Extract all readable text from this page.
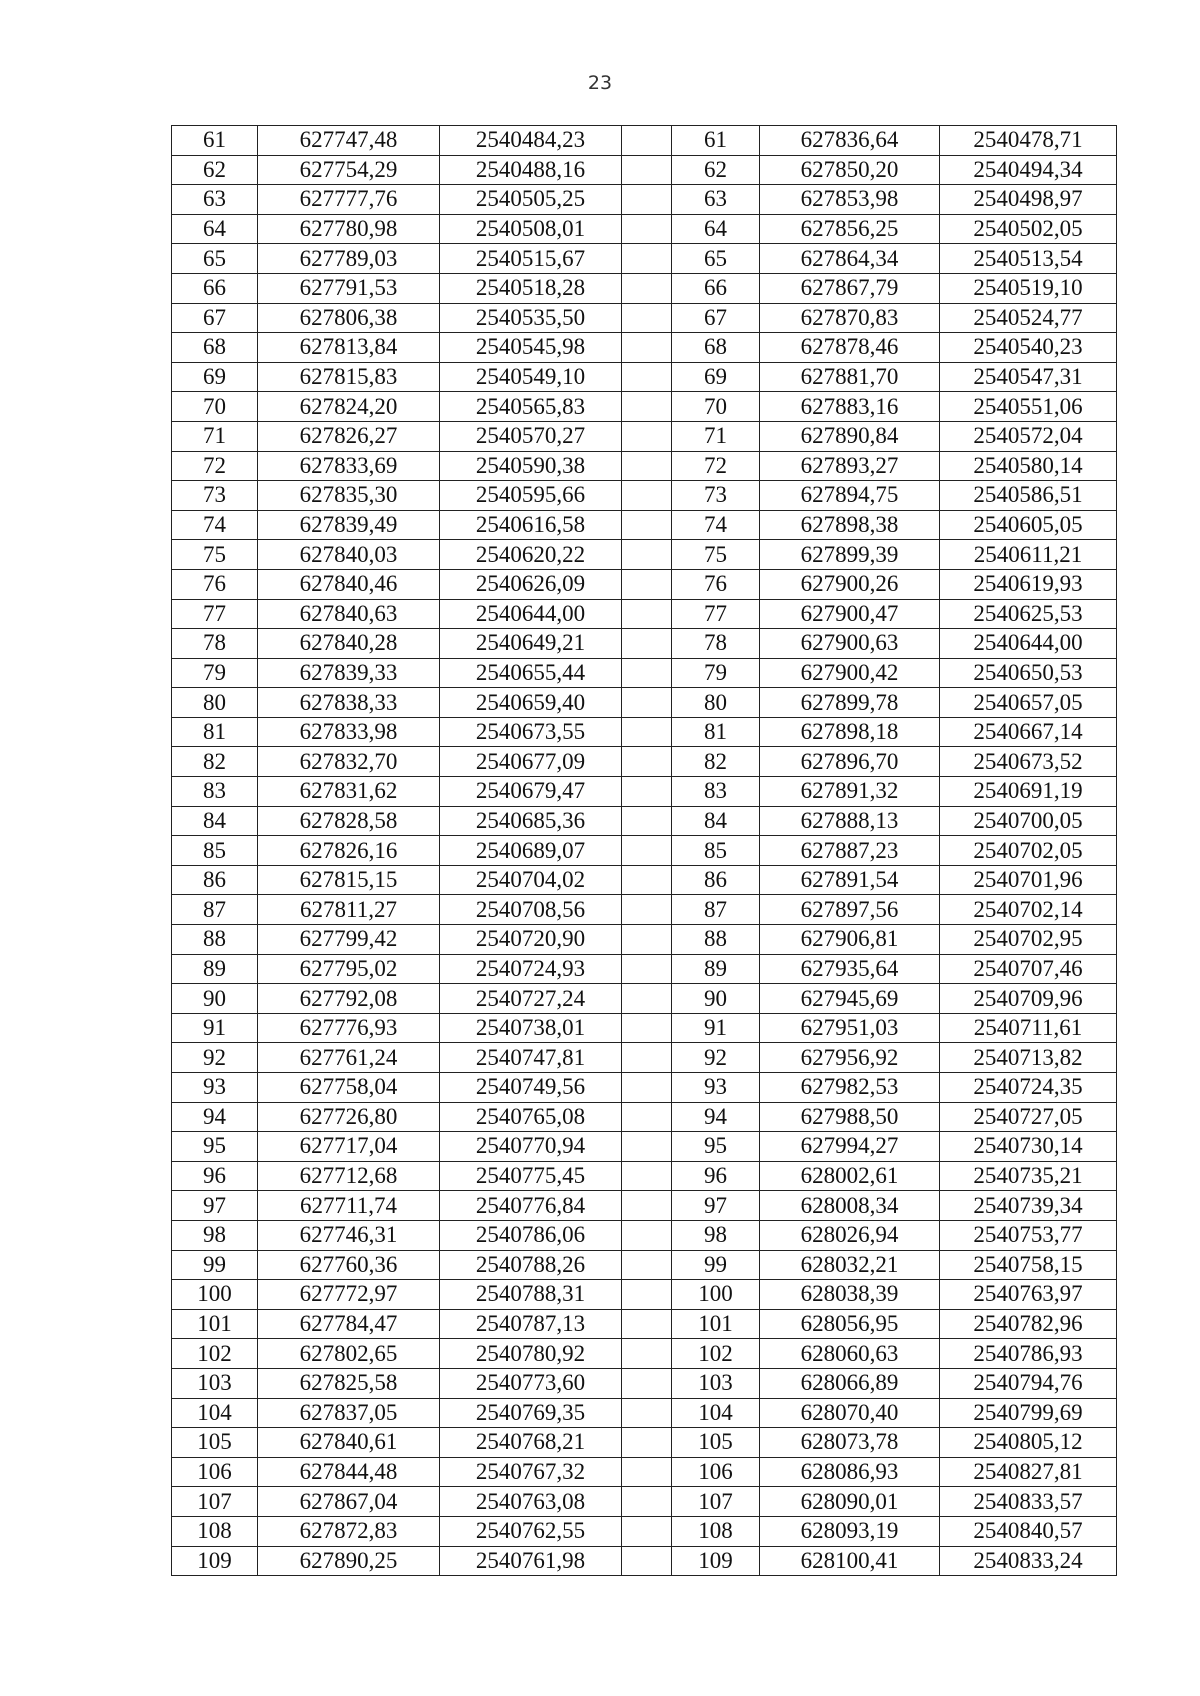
23
61	627747,48	2540484,23		61	627836,64	2540478,71
62	627754,29	2540488,16		62	627850,20	2540494,34
63	627777,76	2540505,25		63	627853,98	2540498,97
64	627780,98	2540508,01		64	627856,25	2540502,05
65	627789,03	2540515,67		65	627864,34	2540513,54
66	627791,53	2540518,28		66	627867,79	2540519,10
67	627806,38	2540535,50		67	627870,83	2540524,77
68	627813,84	2540545,98		68	627878,46	2540540,23
69	627815,83	2540549,10		69	627881,70	2540547,31
70	627824,20	2540565,83		70	627883,16	2540551,06
71	627826,27	2540570,27		71	627890,84	2540572,04
72	627833,69	2540590,38		72	627893,27	2540580,14
73	627835,30	2540595,66		73	627894,75	2540586,51
74	627839,49	2540616,58		74	627898,38	2540605,05
75	627840,03	2540620,22		75	627899,39	2540611,21
76	627840,46	2540626,09		76	627900,26	2540619,93
77	627840,63	2540644,00		77	627900,47	2540625,53
78	627840,28	2540649,21		78	627900,63	2540644,00
79	627839,33	2540655,44		79	627900,42	2540650,53
80	627838,33	2540659,40		80	627899,78	2540657,05
81	627833,98	2540673,55		81	627898,18	2540667,14
82	627832,70	2540677,09		82	627896,70	2540673,52
83	627831,62	2540679,47		83	627891,32	2540691,19
84	627828,58	2540685,36		84	627888,13	2540700,05
85	627826,16	2540689,07		85	627887,23	2540702,05
86	627815,15	2540704,02		86	627891,54	2540701,96
87	627811,27	2540708,56		87	627897,56	2540702,14
88	627799,42	2540720,90		88	627906,81	2540702,95
89	627795,02	2540724,93		89	627935,64	2540707,46
90	627792,08	2540727,24		90	627945,69	2540709,96
91	627776,93	2540738,01		91	627951,03	2540711,61
92	627761,24	2540747,81		92	627956,92	2540713,82
93	627758,04	2540749,56		93	627982,53	2540724,35
94	627726,80	2540765,08		94	627988,50	2540727,05
95	627717,04	2540770,94		95	627994,27	2540730,14
96	627712,68	2540775,45		96	628002,61	2540735,21
97	627711,74	2540776,84		97	628008,34	2540739,34
98	627746,31	2540786,06		98	628026,94	2540753,77
99	627760,36	2540788,26		99	628032,21	2540758,15
100	627772,97	2540788,31		100	628038,39	2540763,97
101	627784,47	2540787,13		101	628056,95	2540782,96
102	627802,65	2540780,92		102	628060,63	2540786,93
103	627825,58	2540773,60		103	628066,89	2540794,76
104	627837,05	2540769,35		104	628070,40	2540799,69
105	627840,61	2540768,21		105	628073,78	2540805,12
106	627844,48	2540767,32		106	628086,93	2540827,81
107	627867,04	2540763,08		107	628090,01	2540833,57
108	627872,83	2540762,55		108	628093,19	2540840,57
109	627890,25	2540761,98		109	628100,41	2540833,24
